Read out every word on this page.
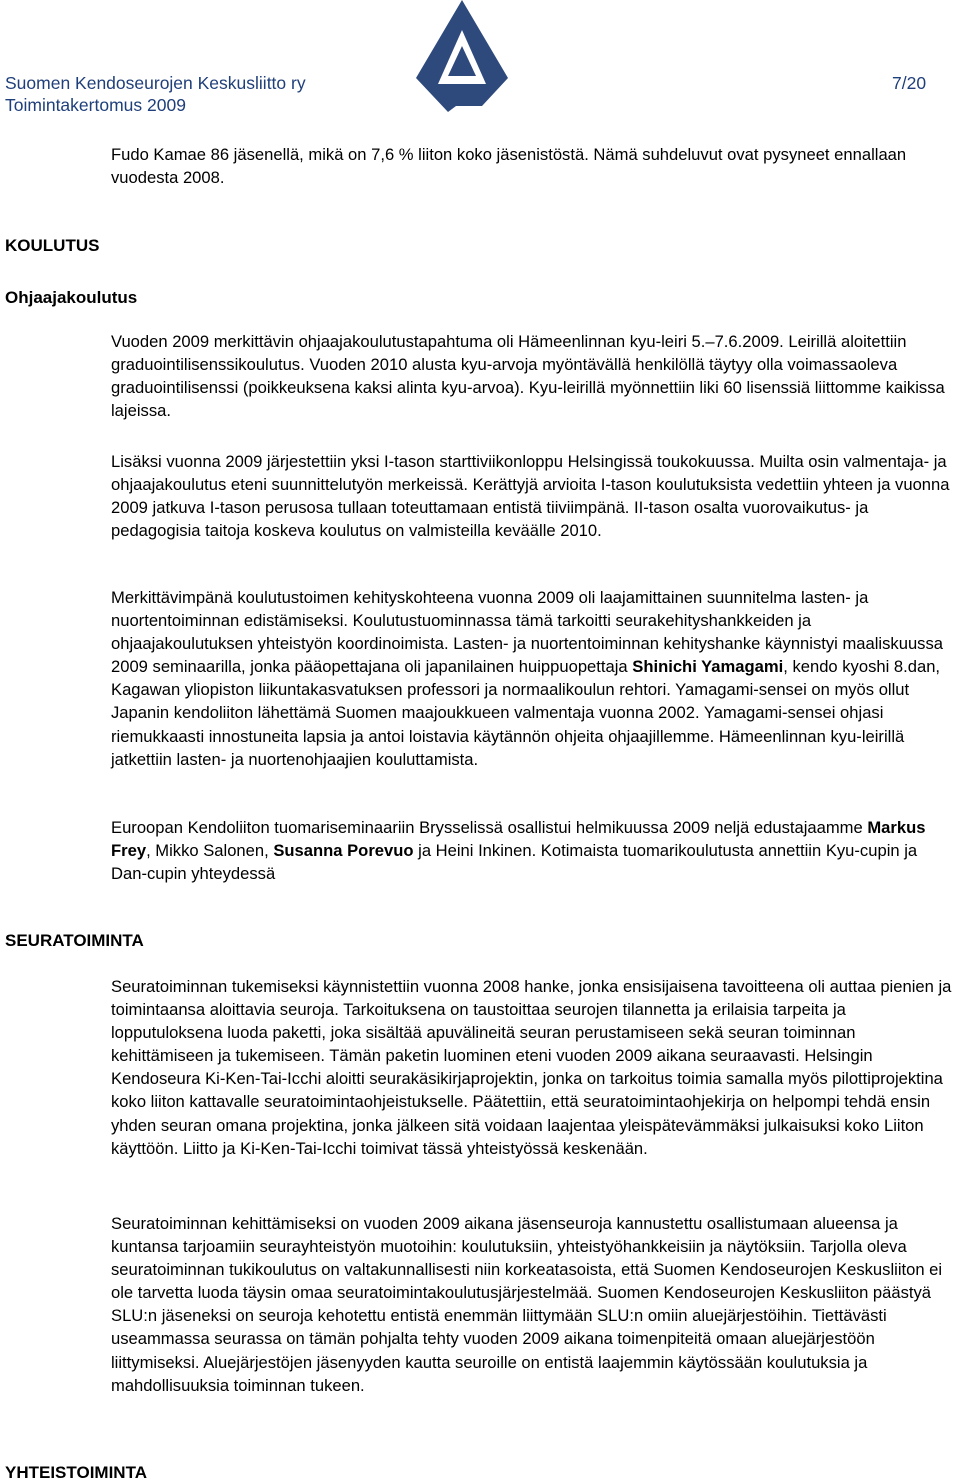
Suomen Kendoseurojen Keskusliitto ry
Toimintakertomus 2009
7/20
Fudo Kamae 86 jäsenellä, mikä on 7,6 % liiton koko jäsenistöstä. Nämä suhdeluvut ovat pysyneet ennallaan vuodesta 2008.
KOULUTUS
Ohjaajakoulutus
Vuoden 2009 merkittävin ohjaajakoulutustapahtuma oli Hämeenlinnan kyu-leiri 5.–7.6.2009. Leirillä aloitettiin graduointilisenssikoulutus. Vuoden 2010 alusta kyu-arvoja myöntävällä henkilöllä täytyy olla voimassaoleva graduointilisenssi (poikkeuksena kaksi alinta kyu-arvoa). Kyu-leirillä myönnettiin liki 60 lisenssiä liittomme kaikissa lajeissa.
Lisäksi vuonna 2009 järjestettiin yksi I-tason starttiviikonloppu Helsingissä toukokuussa. Muilta osin valmentaja- ja ohjaajakoulutus eteni suunnittelutyön merkeissä. Kerättyjä arvioita I-tason koulutuksista vedettiin yhteen ja vuonna 2009 jatkuva I-tason perusosa tullaan toteuttamaan entistä tiiviimpänä. II-tason osalta vuorovaikutus- ja pedagogisia taitoja koskeva koulutus on valmisteilla keväälle 2010.
Merkittävimpänä koulutustoimen kehityskohteena vuonna 2009 oli laajamittainen suunnitelma lasten- ja nuortentoiminnan edistämiseksi. Koulutustuominnassa tämä tarkoitti seurakehityshankkeiden ja ohjaajakoulutuksen yhteistyön koordinoimista. Lasten- ja nuortentoiminnan kehityshanke käynnistyi maaliskuussa 2009 seminaarilla, jonka pääopettajana oli japanilainen huippuopettaja Shinichi Yamagami, kendo kyoshi 8.dan, Kagawan yliopiston liikuntakasvatuksen professori ja normaalikoulun rehtori. Yamagami-sensei on myös ollut Japanin kendoliiton lähettämä Suomen maajoukkueen valmentaja vuonna 2002. Yamagami-sensei ohjasi riemukkaasti innostuneita lapsia ja antoi loistavia käytännön ohjeita ohjaajillemme. Hämeenlinnan kyu-leirillä jatkettiin lasten- ja nuortenohjaajien kouluttamista.
Euroopan Kendoliiton tuomariseminaariin Brysselissä osallistui helmikuussa 2009 neljä edustajaamme Markus Frey, Mikko Salonen, Susanna Porevuo ja Heini Inkinen. Kotimaista tuomarikoulutusta annettiin Kyu-cupin ja Dan-cupin yhteydessä
SEURATOIMINTA
Seuratoiminnan tukemiseksi käynnistettiin vuonna 2008 hanke, jonka ensisijaisena tavoitteena oli auttaa pienien ja toimintaansa aloittavia seuroja. Tarkoituksena on taustoittaa seurojen tilannetta ja erilaisia tarpeita ja lopputuloksena luoda paketti, joka sisältää apuvälineitä seuran perustamiseen sekä seuran toiminnan kehittämiseen ja tukemiseen. Tämän paketin luominen eteni vuoden 2009 aikana seuraavasti. Helsingin Kendoseura Ki-Ken-Tai-Icchi aloitti seurakäsikirjaprojektin, jonka on tarkoitus toimia samalla myös pilottiprojektina koko liiton kattavalle seuratoimintaohjeistukselle. Päätettiin, että seuratoimintaohjekirja on helpompi tehdä ensin yhden seuran omana projektina, jonka jälkeen sitä voidaan laajentaa yleispätevämmäksi julkaisuksi koko Liiton käyttöön. Liitto ja Ki-Ken-Tai-Icchi toimivat tässä yhteistyössä keskenään.
Seuratoiminnan kehittämiseksi on vuoden 2009 aikana jäsenseuroja kannustettu osallistumaan alueensa ja kuntansa tarjoamiin seurayhteistyön muotoihin: koulutuksiin, yhteistyöhankkeisiin ja näytöksiin. Tarjolla oleva seuratoiminnan tukikoulutus on valtakunnallisesti niin korkeatasoista, että Suomen Kendoseurojen Keskusliiton ei ole tarvetta luoda täysin omaa seuratoimintakoulutusjärjestelmää. Suomen Kendoseurojen Keskusliiton päästyä SLU:n jäseneksi on seuroja kehotettu entistä enemmän liittymään SLU:n omiin aluejärjestöihin. Tiettävästi useammassa seurassa on tämän pohjalta tehty vuoden 2009 aikana toimenpiteitä omaan aluejärjestöön liittymiseksi. Aluejärjestöjen jäsenyyden kautta seuroille on entistä laajemmin käytössään koulutuksia ja mahdollisuuksia toiminnan tukeen.
YHTEISTOIMINTA
